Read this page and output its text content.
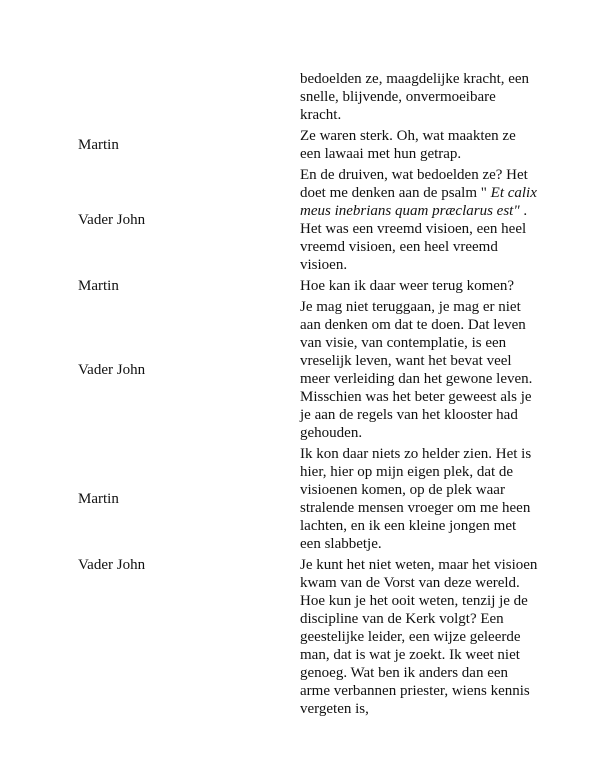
bedoelden ze, maagdelijke kracht, een snelle, blijvende, onvermoeibare kracht.
Martin
Ze waren sterk. Oh, wat maakten ze een lawaai met hun getrap.
Vader John
En de druiven, wat bedoelden ze? Het doet me denken aan de psalm " Et calix meus inebrians quam præclarus est" . Het was een vreemd visioen, een heel vreemd visioen, een heel vreemd visioen.
Martin	Hoe kan ik daar weer terug komen?
Vader John
Je mag niet teruggaan, je mag er niet aan denken om dat te doen. Dat leven van visie, van contemplatie, is een vreselijk leven, want het bevat veel meer verleiding dan het gewone leven. Misschien was het beter geweest als je je aan de regels van het klooster had gehouden.
Martin
Ik kon daar niets zo helder zien. Het is hier, hier op mijn eigen plek, dat de visioenen komen, op de plek waar stralende mensen vroeger om me heen lachten, en ik een kleine jongen met een slabbetje.
Vader John	Je kunt het niet weten, maar het visioen kwam van de Vorst van deze wereld. Hoe kun je het ooit weten, tenzij je de discipline van de Kerk volgt? Een geestelijke leider, een wijze geleerde man, dat is wat je zoekt. Ik weet niet genoeg. Wat ben ik anders dan een arme verbannen priester, wiens kennis vergeten is,
